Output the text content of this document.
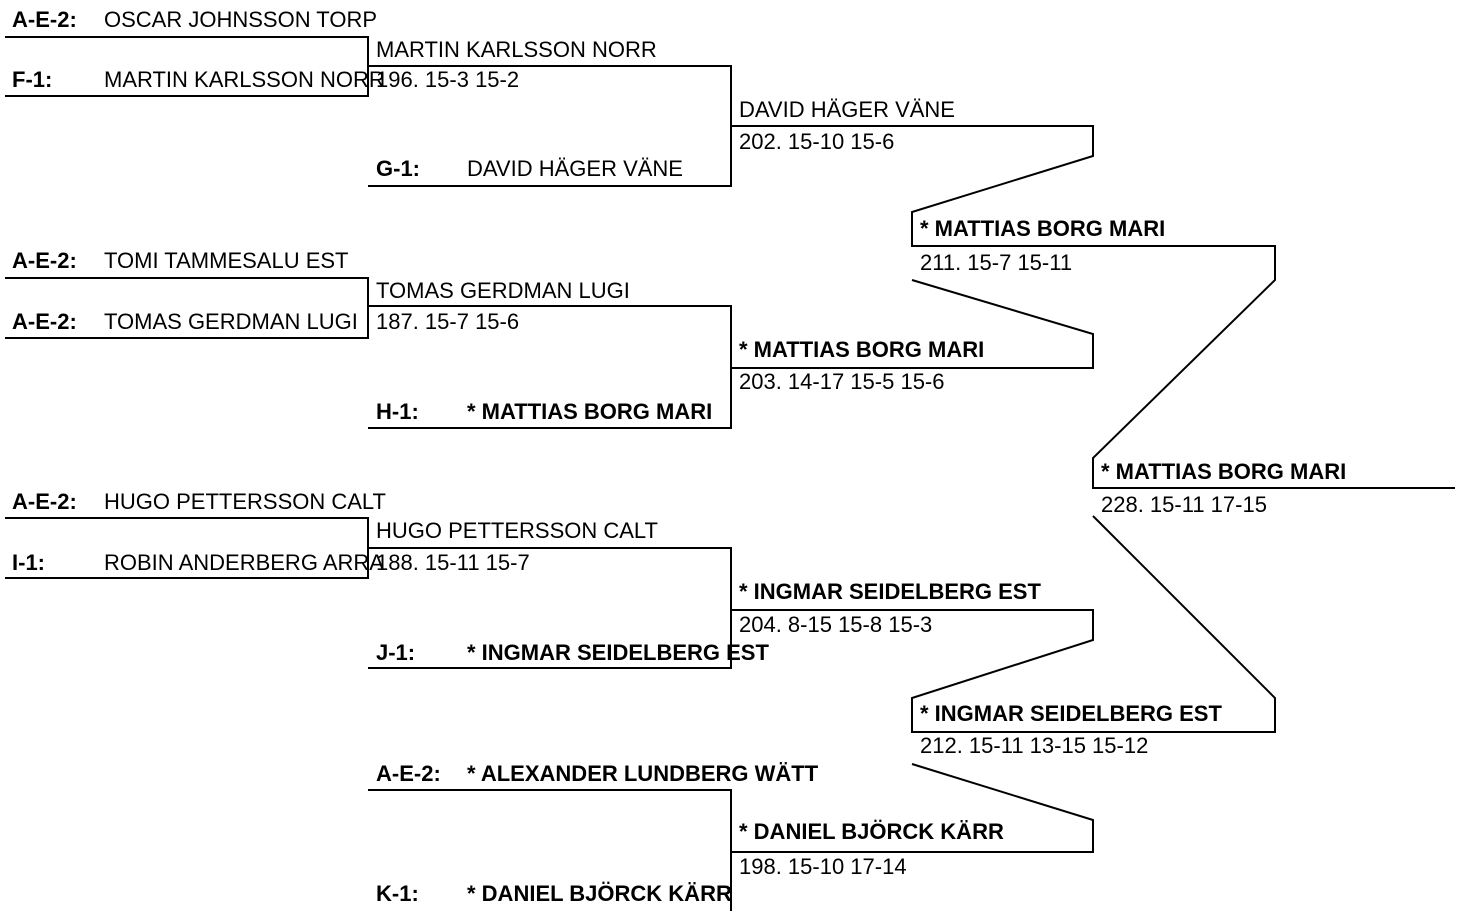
A-E-2: OSCAR JOHNSSON TORP
F-1: MARTIN KARLSSON NORR
G-1: DAVID HÄGER VÄNE
A-E-2: TOMI TAMMESALU EST
A-E-2: TOMAS GERDMAN LUGI
H-1: * MATTIAS BORG MARI
A-E-2: HUGO PETTERSSON CALT
I-1:	ROBIN ANDERBERG ARRA
J-1: * INGMAR SEIDELBERG EST
A-E-2: * ALEXANDER LUNDBERG WÄTT
K-1: * DANIEL BJÖRCK KÄRR
MARTIN KARLSSON NORR
196. 15-3 15-2
TOMAS GERDMAN LUGI
187. 15-7 15-6
HUGO PETTERSSON CALT
188. 15-11 15-7
DAVID HÄGER VÄNE
202. 15-10 15-6
* MATTIAS BORG MARI
203. 14-17 15-5 15-6
* INGMAR SEIDELBERG EST
204. 8-15 15-8 15-3
* DANIEL BJÖRCK KÄRR
198. 15-10 17-14
* MATTIAS BORG MARI
211. 15-7 15-11
* INGMAR SEIDELBERG EST
212. 15-11 13-15 15-12
* MATTIAS BORG MARI
228. 15-11 17-15
